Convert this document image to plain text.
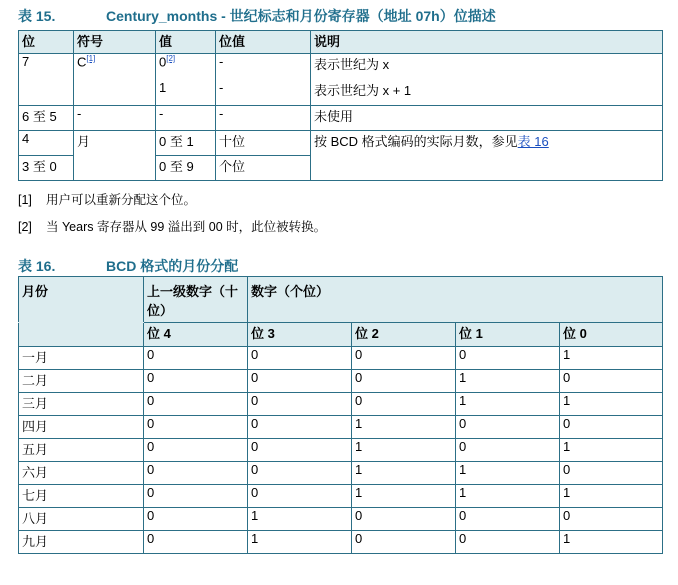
表 15.	Century_months - 世纪标志和月份寄存器（地址 07h）位描述
位	符号	值	位值	说明
7	C[1]	0[2]	-	表示世纪为 x
		1	-	表示世纪为 x + 1
6 至 5	-	-	-	未使用
4	月	0 至 1	十位	按 BCD 格式编码的实际月数，参见表 16
3 至 0		0 至 9	个位	
[1] 用户可以重新分配这个位。
[2] 当 Years 寄存器从 99 溢出到 00 时，此位被转换。
表 16.	BCD 格式的月份分配
月份	上一级数字（十位）	数字（个位）			
	位 4	位 3	位 2	位 1	位 0
一月	0	0	0	0	1
二月	0	0	0	1	0
三月	0	0	0	1	1
四月	0	0	1	0	0
五月	0	0	1	0	1
六月	0	0	1	1	0
七月	0	0	1	1	1
八月	0	1	0	0	0
九月	0	1	0	0	1
